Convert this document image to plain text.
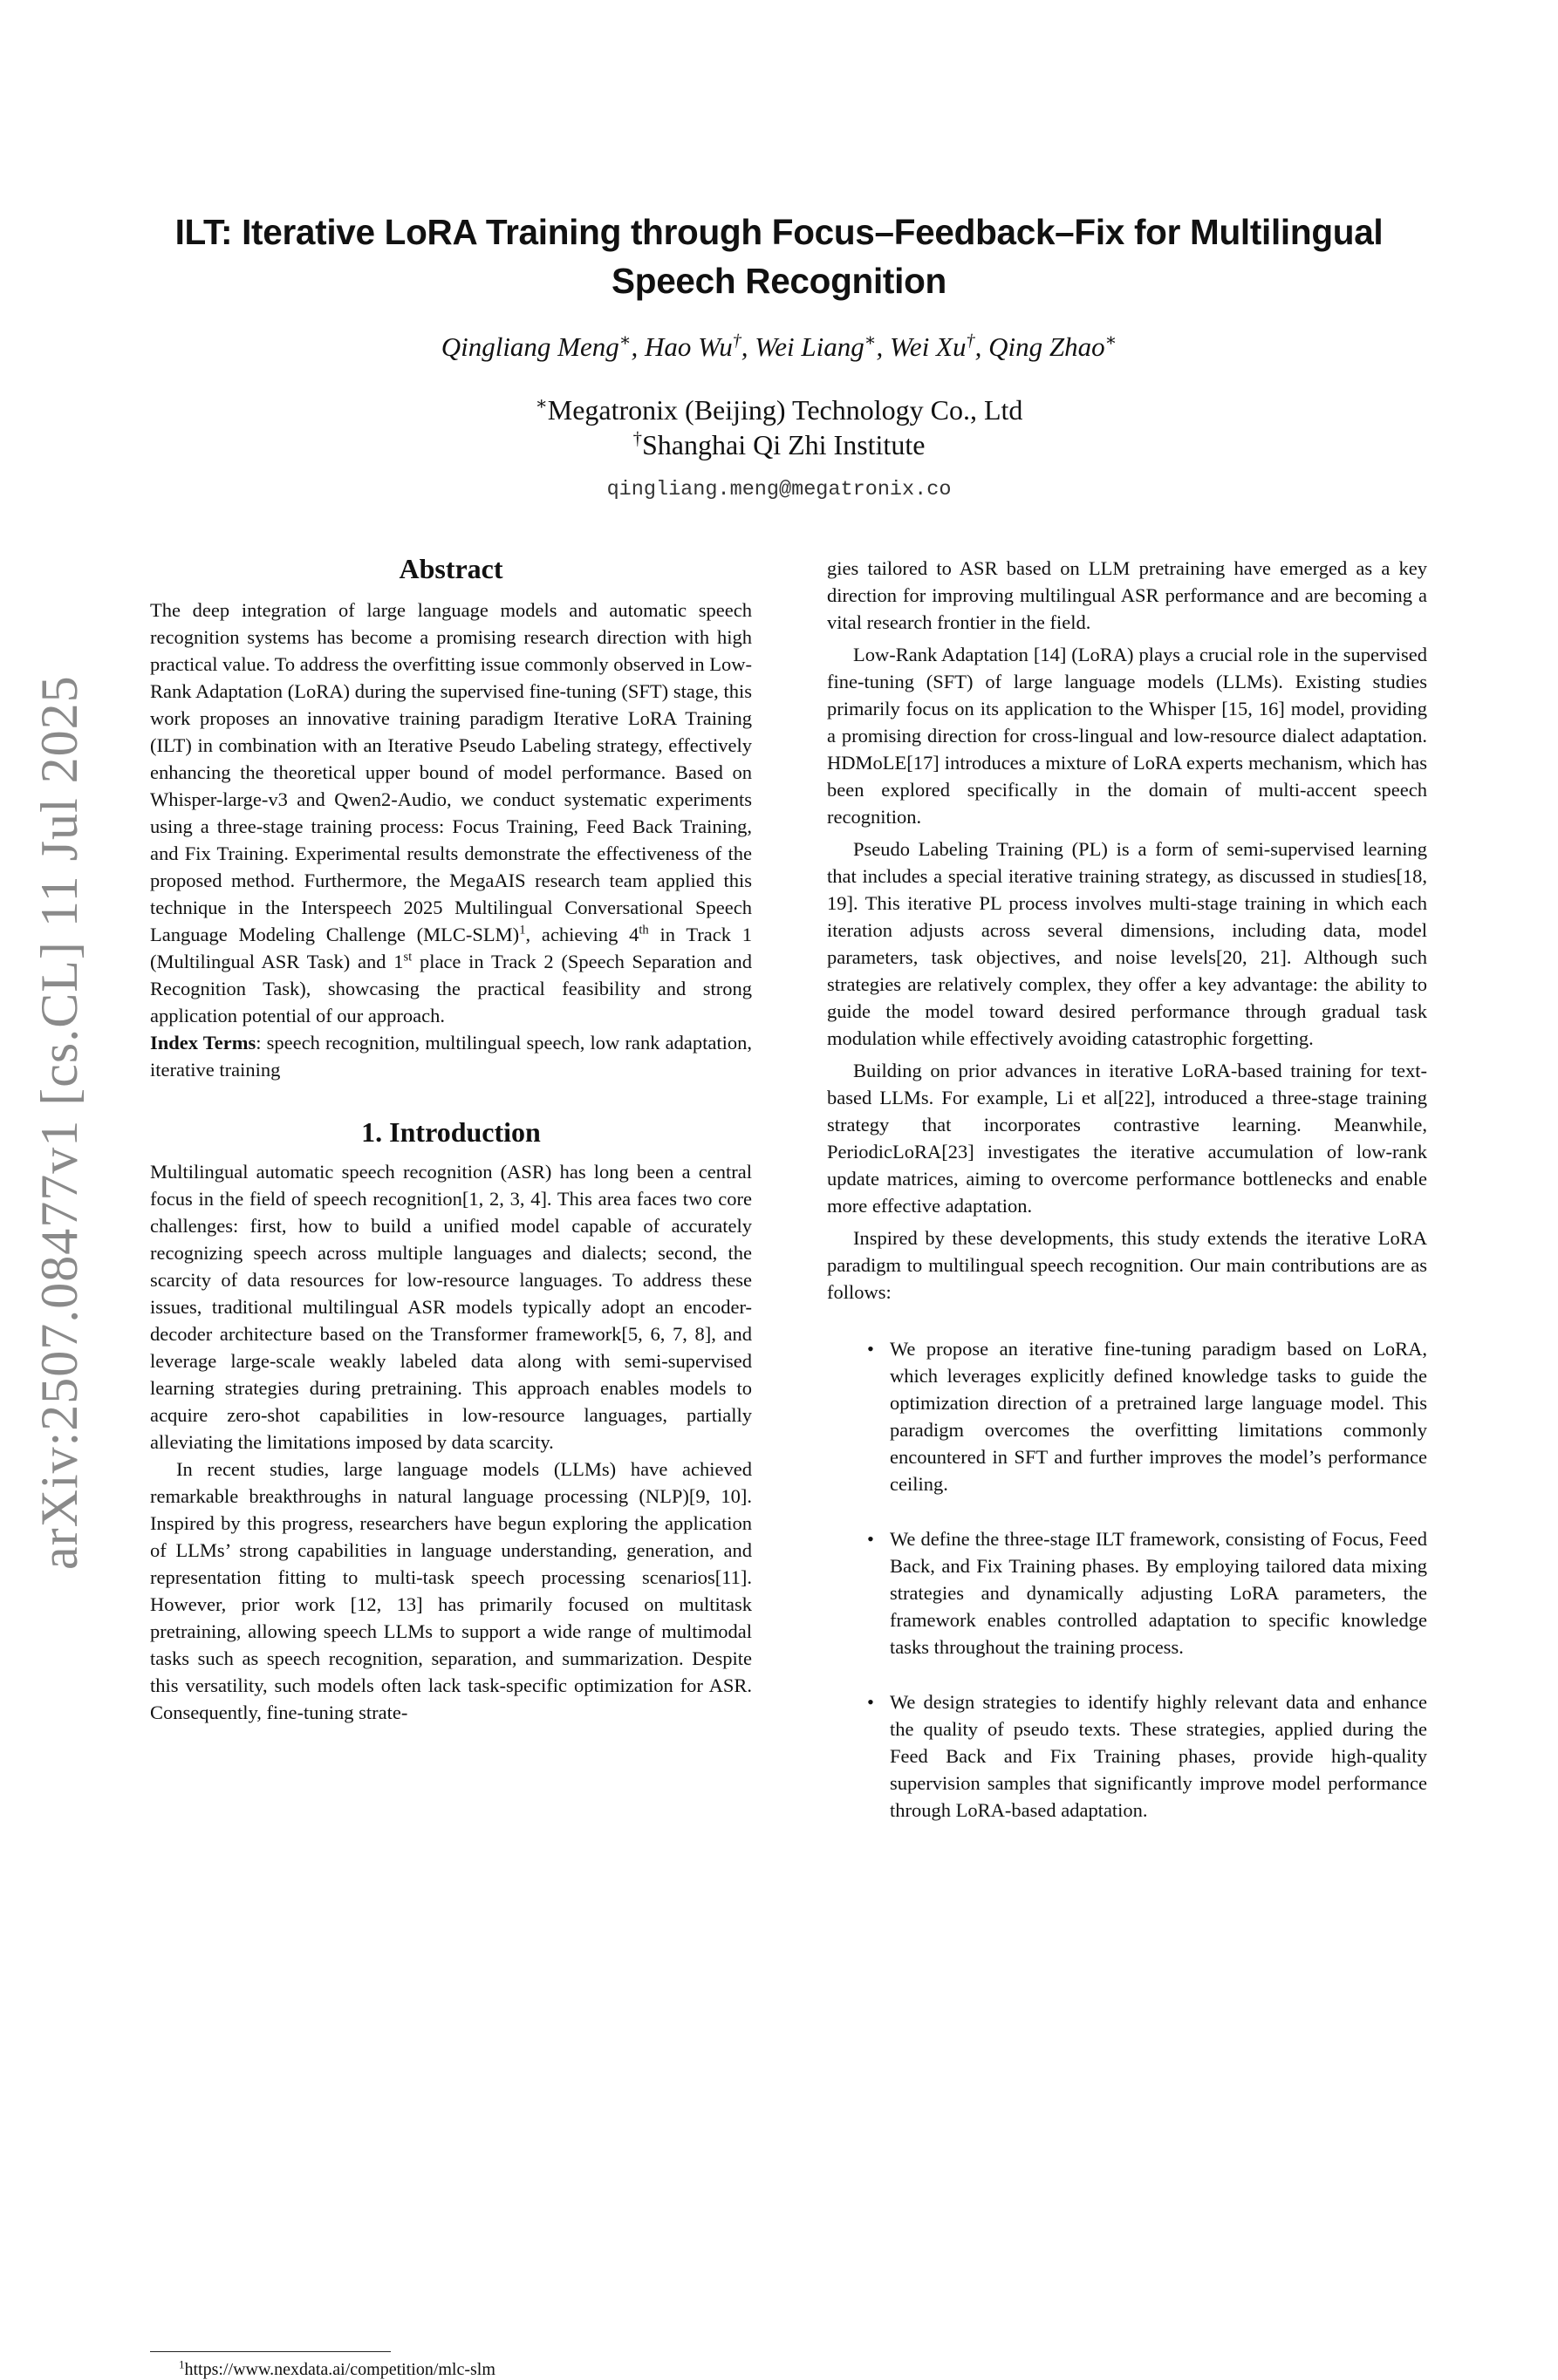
arXiv:2507.08477v1 [cs.CL] 11 Jul 2025
ILT: Iterative LoRA Training through Focus–Feedback–Fix for Multilingual
Speech Recognition
Qingliang Meng∗, Hao Wu†, Wei Liang∗, Wei Xu†, Qing Zhao∗
∗Megatronix (Beijing) Technology Co., Ltd
†Shanghai Qi Zhi Institute
qingliang.meng@megatronix.co
Abstract

The deep integration of large language models and automatic speech recognition systems has become a promising research direction with high practical value. To address the overfitting issue commonly observed in Low-Rank Adaptation (LoRA) during the supervised fine-tuning (SFT) stage, this work proposes an innovative training paradigm Iterative LoRA Training (ILT) in combination with an Iterative Pseudo Labeling strategy, effectively enhancing the theoretical upper bound of model performance. Based on Whisper-large-v3 and Qwen2-Audio, we conduct systematic experiments using a three-stage training process: Focus Training, Feed Back Training, and Fix Training. Experimental results demonstrate the effectiveness of the proposed method. Furthermore, the MegaAIS research team applied this technique in the Interspeech 2025 Multilingual Conversational Speech Language Modeling Challenge $(MLC-SLM)^1$, achieving 4th in Track 1 (Multilingual ASR Task) and 1st place in Track 2 (Speech Separation and Recognition Task), showcasing the practical feasibility and strong application potential of our approach.

Index Terms: speech recognition, multilingual speech, low rank adaptation, iterative training

1. Introduction

Multilingual automatic speech recognition (ASR) has long been a central focus in the field of speech recognition[1, 2, 3, 4]. This area faces two core challenges: first, how to build a unified model capable of accurately recognizing speech across multiple languages and dialects; second, the scarcity of data resources for low-resource languages. To address these issues, traditional multilingual ASR models typically adopt an encoder-decoder architecture based on the Transformer framework[5, 6, 7, 8], and leverage large-scale weakly labeled data along with semi-supervised learning strategies during pretraining. This approach enables models to acquire zero-shot capabilities in low-resource languages, partially alleviating the limitations imposed by data scarcity.

In recent studies, large language models (LLMs) have achieved remarkable breakthroughs in natural language processing (NLP)[9, 10]. Inspired by this progress, researchers have begun exploring the application of LLMs’ strong capabilities in language understanding, generation, and representation fitting to multi-task speech processing scenarios[11]. However, prior work [12, 13] has primarily focused on multitask pretraining, allowing speech LLMs to support a wide range of multimodal tasks such as speech recognition, separation, and summarization. Despite this versatility, such models often lack task-specific optimization for ASR. Consequently, fine-tuning strate-

gies tailored to ASR based on LLM pretraining have emerged as a key direction for improving multilingual ASR performance and are becoming a vital research frontier in the field.

Low-Rank Adaptation [14] (LoRA) plays a crucial role in the supervised fine-tuning (SFT) of large language models (LLMs). Existing studies primarily focus on its application to the Whisper [15, 16] model, providing a promising direction for cross-lingual and low-resource dialect adaptation. HDMoLE[17] introduces a mixture of LoRA experts mechanism, which has been explored specifically in the domain of multi-accent speech recognition.

Pseudo Labeling Training (PL) is a form of semi-supervised learning that includes a special iterative training strategy, as discussed in studies[18, 19]. This iterative PL process involves multi-stage training in which each iteration adjusts across several dimensions, including data, model parameters, task objectives, and noise levels[20, 21]. Although such strategies are relatively complex, they offer a key advantage: the ability to guide the model toward desired performance through gradual task modulation while effectively avoiding catastrophic forgetting.

Building on prior advances in iterative LoRA-based training for text-based LLMs. For example, Li et al[22], introduced a three-stage training strategy that incorporates contrastive learning. Meanwhile, PeriodicLoRA[23] investigates the iterative accumulation of low-rank update matrices, aiming to overcome performance bottlenecks and enable more effective adaptation.

Inspired by these developments, this study extends the iterative LoRA paradigm to multilingual speech recognition. Our main contributions are as follows:

• We propose an iterative fine-tuning paradigm based on LoRA, which leverages explicitly defined knowledge tasks to guide the optimization direction of a pretrained large language model. This paradigm overcomes the overfitting limitations commonly encountered in SFT and further improves the model’s performance ceiling.
• We define the three-stage ILT framework, consisting of Focus, Feed Back, and Fix Training phases. By employing tailored data mixing strategies and dynamically adjusting LoRA parameters, the framework enables controlled adaptation to specific knowledge tasks throughout the training process.
• We design strategies to identify highly relevant data and enhance the quality of pseudo texts. These strategies, applied during the Feed Back and Fix Training phases, provide high-quality supervision samples that significantly improve model performance through LoRA-based adaptation.
$^1$https://www.nexdata.ai/competition/mlc-slm
